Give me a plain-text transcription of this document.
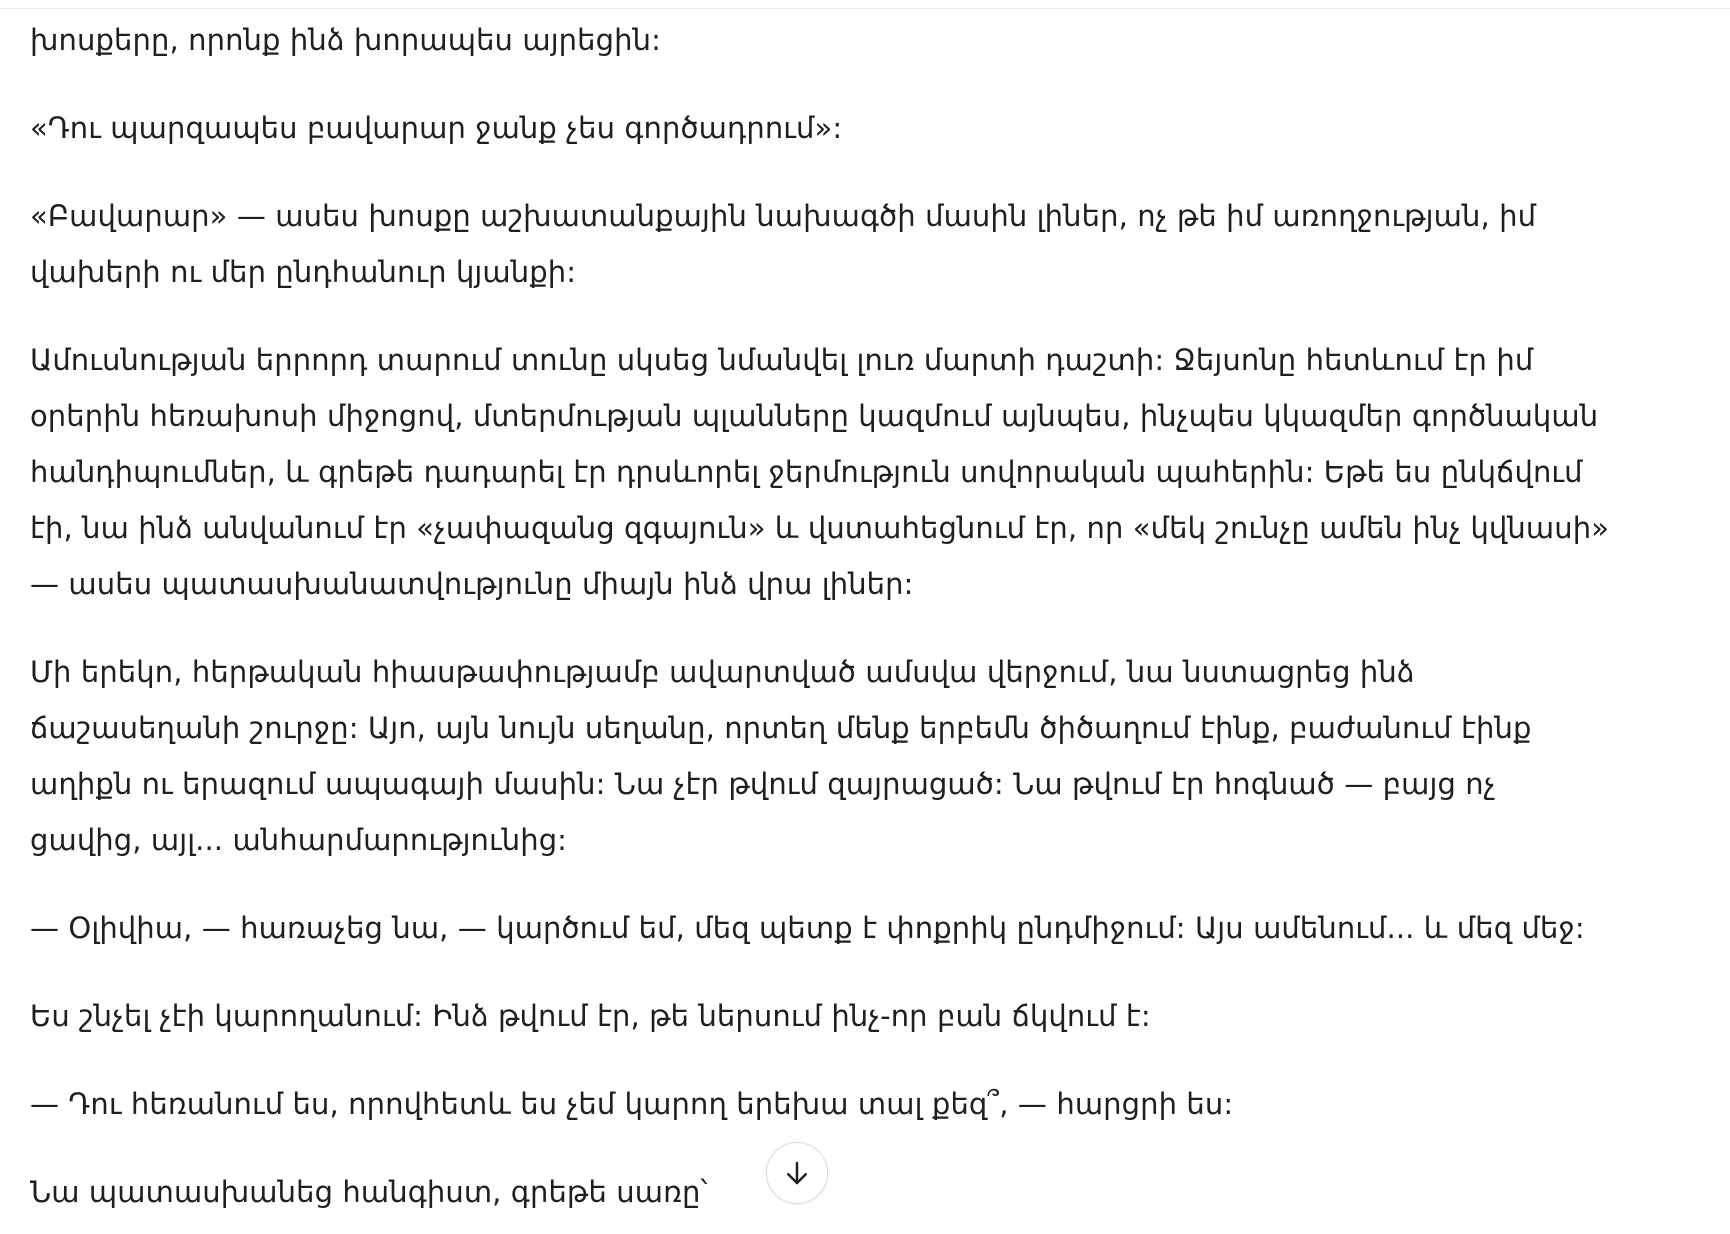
խոսքերը, որոնք ինձ խորապես այրեցին:

«Դու պարզապես բավարար ջանք չես գործադրում»:

«Բավարար» — ասես խոսքը աշխատանքային նախագծի մասին լիներ, ոչ թե իմ առողջության, իմ վախերի ու մեր ընդհանուր կյանքի:

Ամուսնության երրորդ տարում տունը սկսեց նմանվել լուռ մարտի դաշտի: Ջեյսոնը հետևում էր իմ օրերին հեռախոսի միջոցով, մտերմության պլանները կազմում այնպես, ինչպես կկազմեր գործնական հանդիպումներ, և գրեթե դադարել էր դրսևորել ջերմություն սովորական պահերին: Եթե ես ընկճվում էի, նա ինձ անվանում էր «չափազանց զգայուն» և վստահեցնում էր, որ «մեկ շունչը ամեն ինչ կվնասի» — ասես պատասխանատվությունը միայն ինձ վրա լիներ:

Մի երեկո, հերթական հիասթափությամբ ավարտված ամսվա վերջում, նա նստացրեց ինձ ճաշասեղանի շուրջը: Այո, այն նույն սեղանը, որտեղ մենք երբեմն ծիծաղում էինք, բաժանում էինք աղիքն ու երազում ապագայի մասին: Նա չէր թվում զայրացած: Նա թվում էր հոգնած — բայց ոչ ցավից, այլ... անհարմարությունից:

— Օլիվիա, — հառաչեց նա, — կարծում եմ, մեզ պետք է փոքրիկ ընդմիջում: Այս ամենում... և մեզ մեջ:

Ես շնչել չէի կարողանում: Ինձ թվում էր, թե ներսում ինչ-որ բան ճկվում է:

— Դու հեռանում ես, որովհետև ես չեմ կարող երեխա տալ քեզ՞, — հարցրի ես:

Նա պատասխանեց հանգիստ, գրեթե սառը՝
